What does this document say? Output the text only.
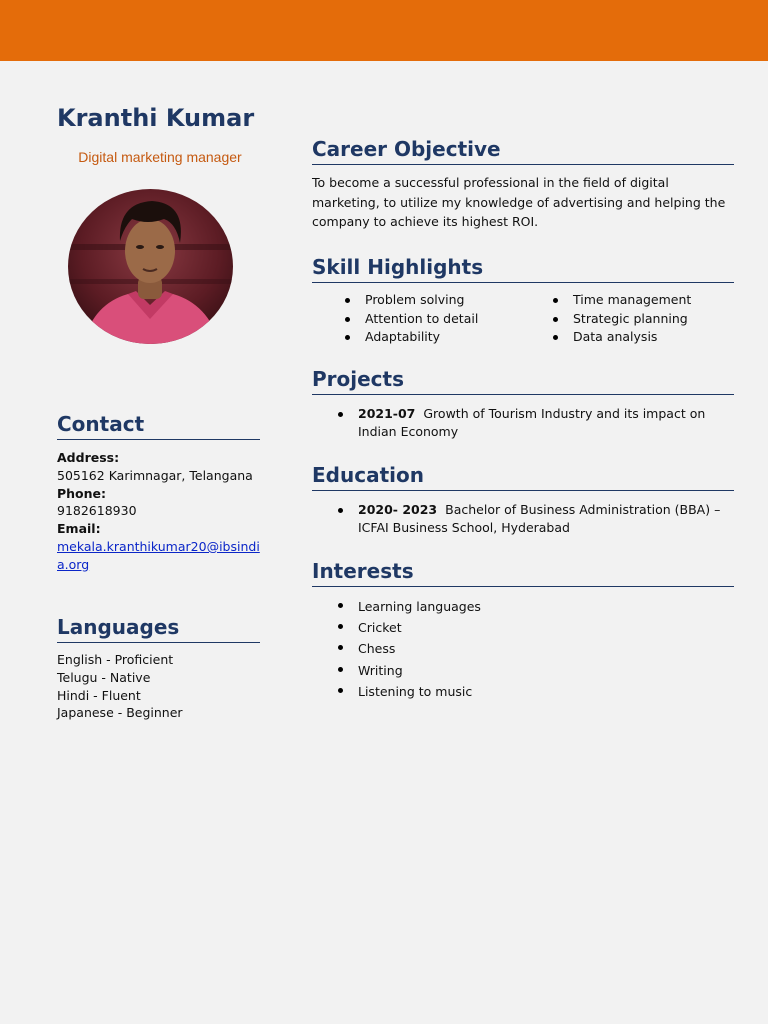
Kranthi Kumar
Digital marketing manager
Contact
Address:
505162 Karimnagar, Telangana
Phone:
9182618930
Email:
mekala.kranthikumar20@ibsindia.org
Languages
English - Proficient
Telugu - Native
Hindi - Fluent
Japanese - Beginner
Career Objective
To become a successful professional in the field of digital marketing, to utilize my knowledge of advertising and helping the company to achieve its highest ROI.
Skill Highlights
Problem solving
Attention to detail
Adaptability
Time management
Strategic planning
Data analysis
Projects
2021-07 Growth of Tourism Industry and its impact on Indian Economy
Education
2020- 2023 Bachelor of Business Administration (BBA) – ICFAI Business School, Hyderabad
Interests
Learning languages
Cricket
Chess
Writing
Listening to music
